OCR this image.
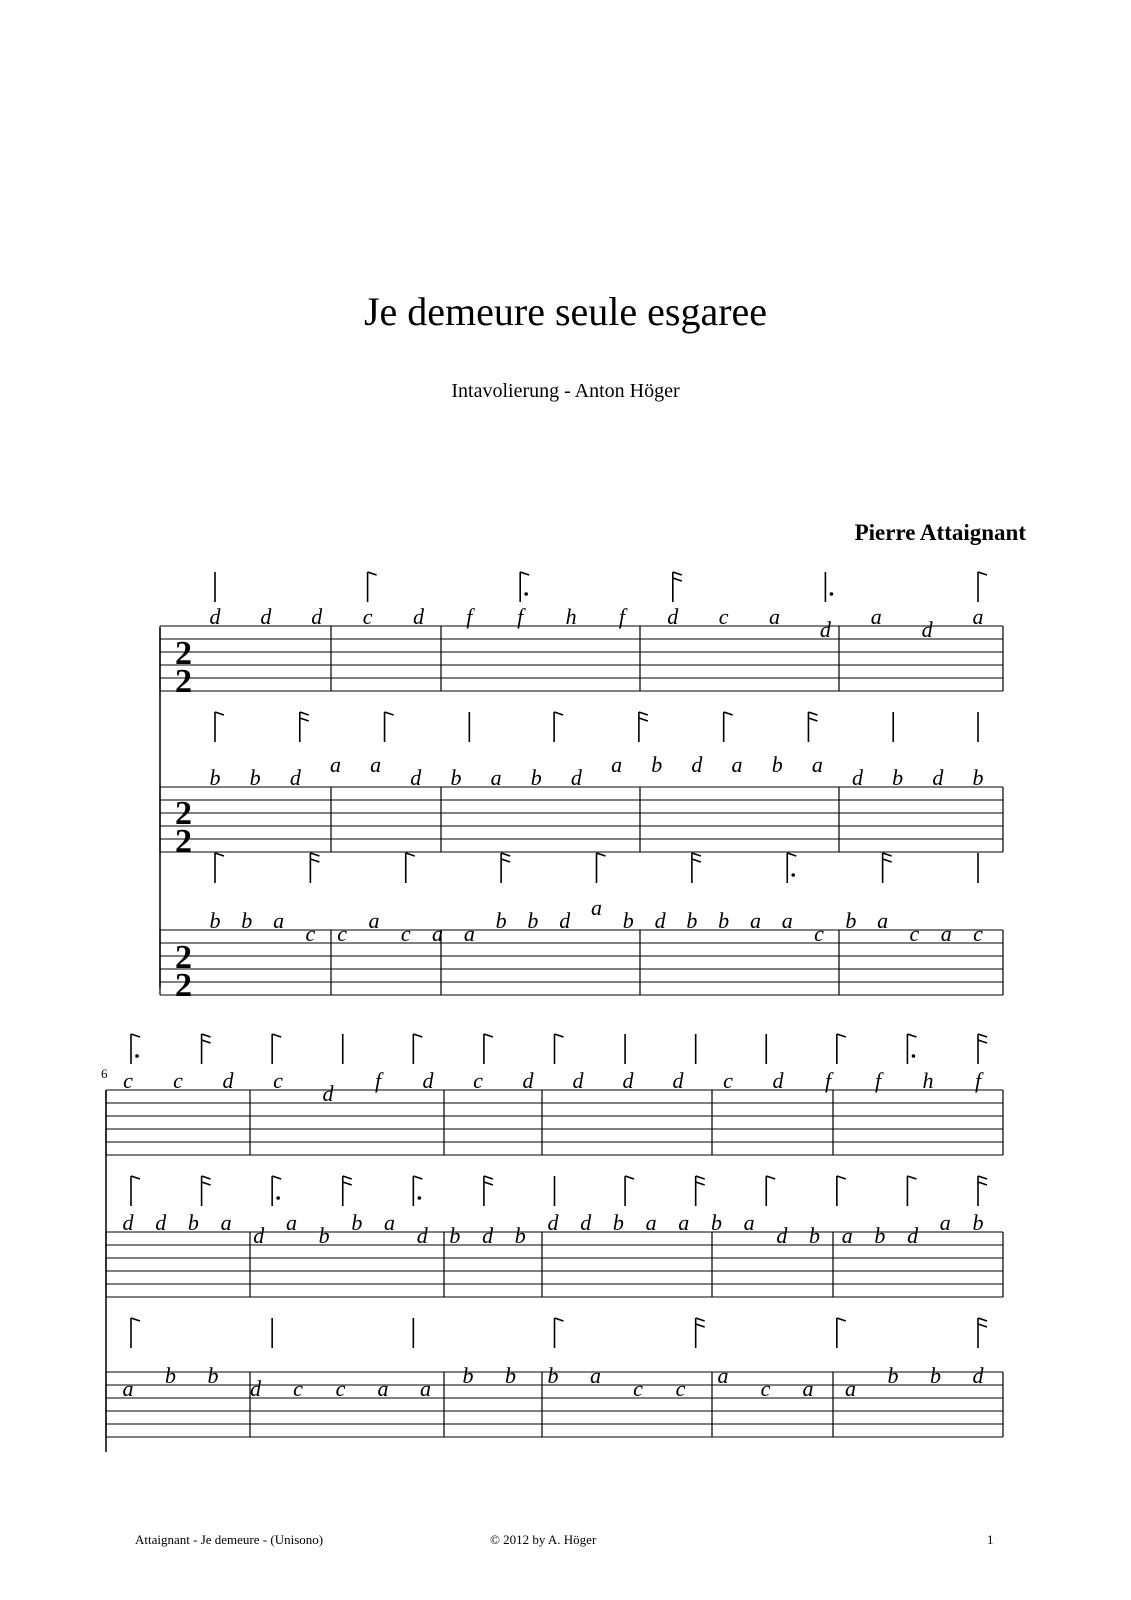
Je demeure seule esgaree
Intavolierung - Anton Höger
Pierre Attaignant
2
2
2
2
2
2
6
d d d c d f f h f d c a
d
a
d
a
b b d
a a
d b a b d
a b d a b a
d b d b
b b a
c c
a
c a a
b b d
a
b d b b a a
c
b a
c a c
c c d c
d
f d c d d d d c d f f h f
d d b a
d
a
b
b a
d b d b
d d b a a b a
d b a b d
a b
a
b b
d c c a a
b b b a
c c
a
c a a
b b d
Attaignant - Je demeure - (Unisono)	© 2012 by A. Höger	1
